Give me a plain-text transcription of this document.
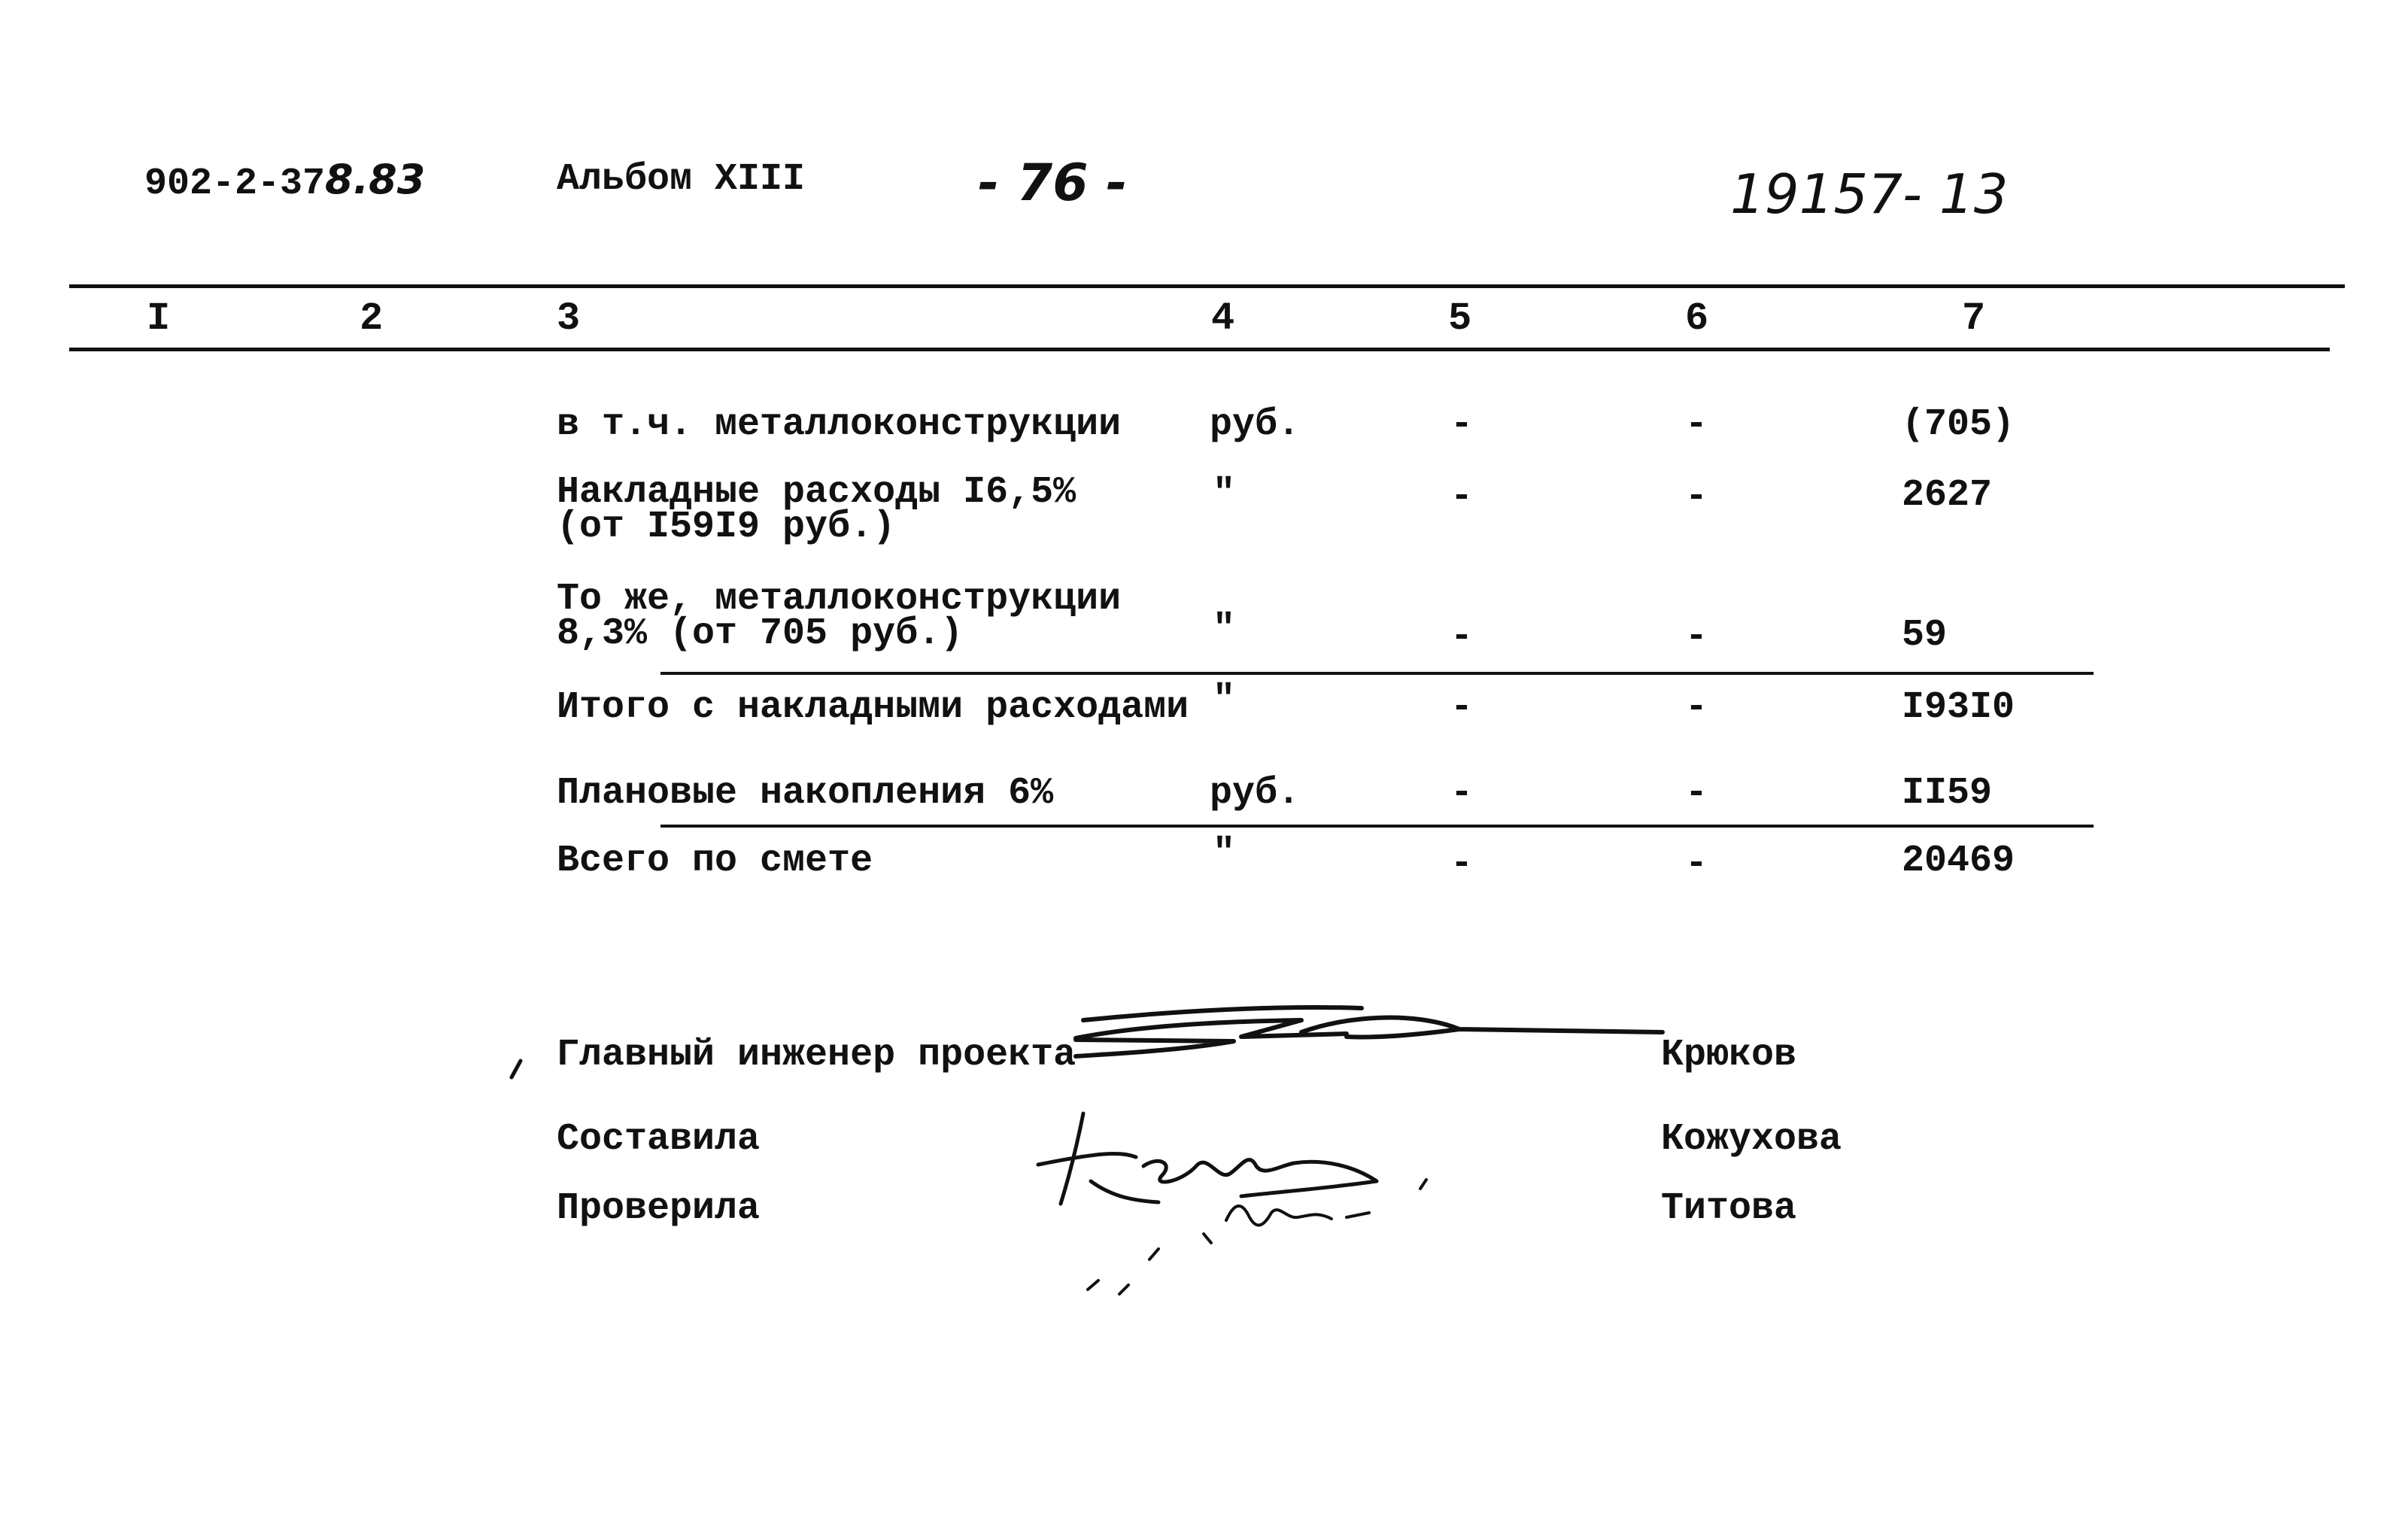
902-2-378.83	Альбом XIII	- 76 -	19157- 13
I	2	3	4	5	6	7
в т.ч. металлоконструкции руб.	-	-	(705)
Накладные расходы I6,5%
(от I59I9 руб.)
"	-	-	2627
То же, металлоконструкции
8,3% (от 705 руб.)	"	-	-	59
Итого с накладными расходами "	-	-	I93I0
Плановые накопления 6%	руб.	-	-	II59
Всего по смете	"	-	-	20469
Главный инженер проекта	Крюков
Составила	Кожухова
Проверила	Титова
